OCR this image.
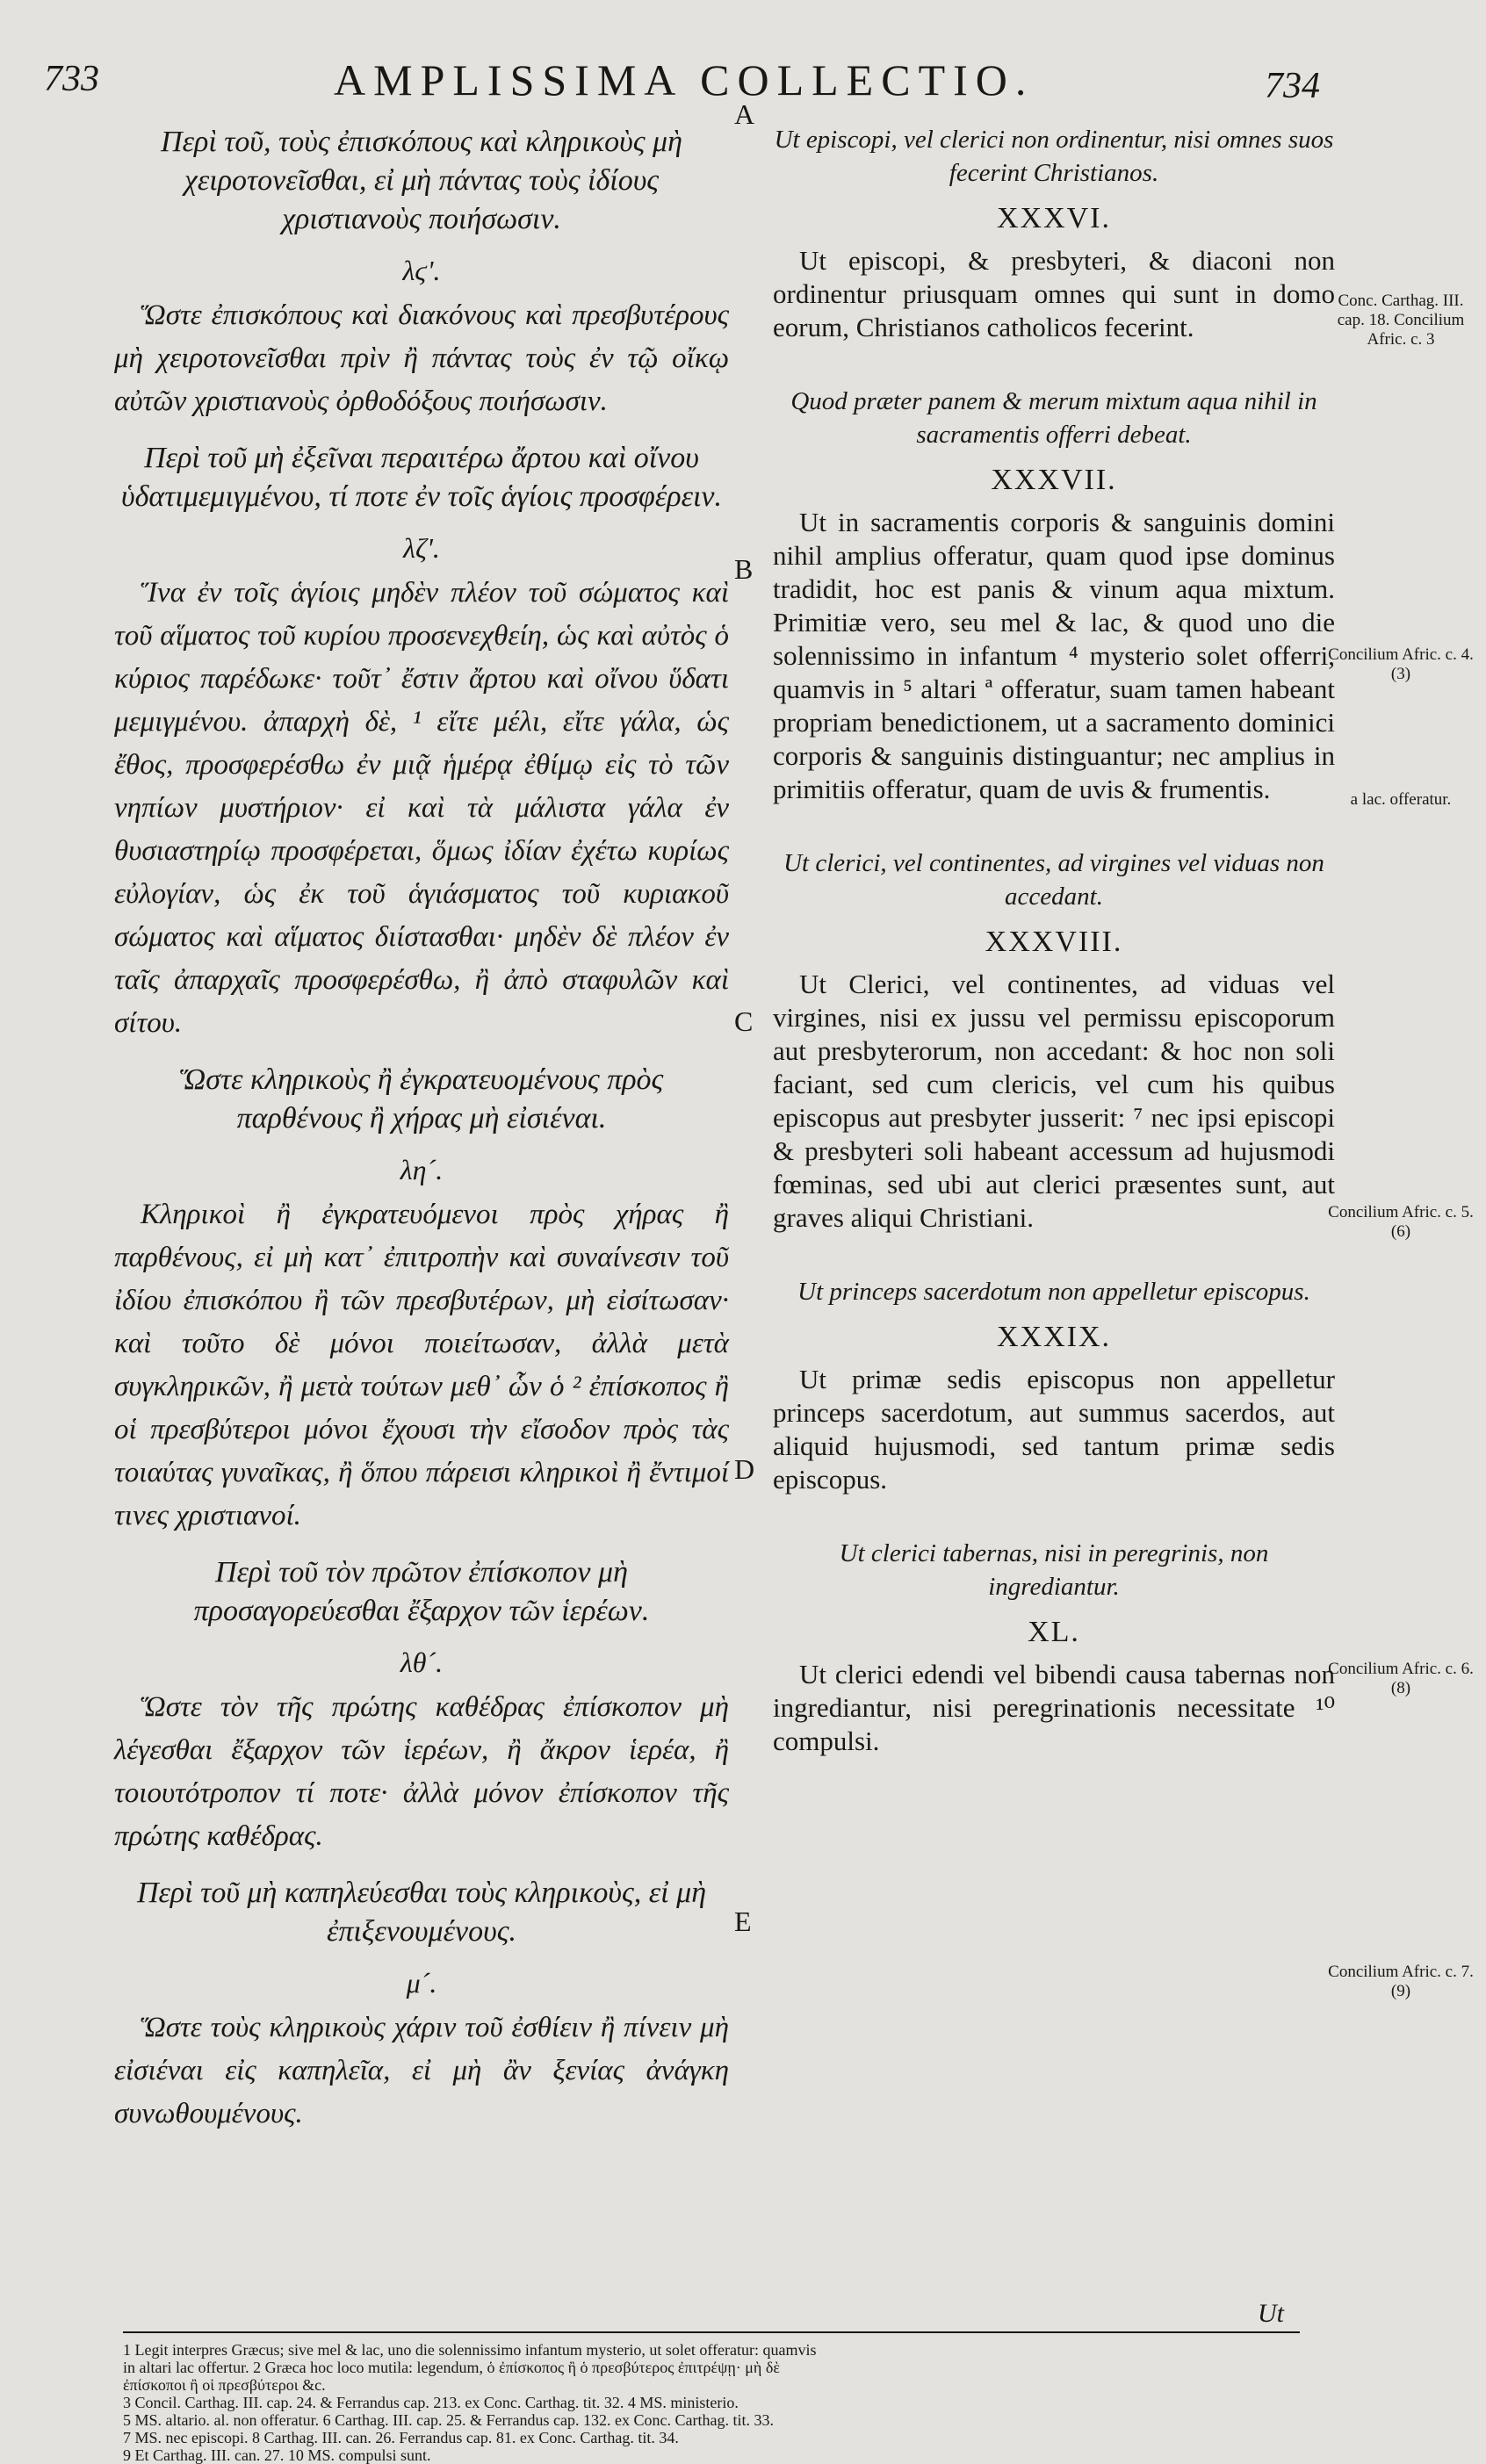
733	AMPLISSIMA COLLECTIO.	734
A
B
C
D
E

Περὶ τοῦ, τοὺς ἐπισκόπους καὶ κληρικοὺς μὴ χειροτονεῖσθαι, εἰ μὴ πάντας τοὺς ἰδίους χριστιανοὺς ποιήσωσιν.

λϛʹ.

Ὥστε ἐπισκόπους καὶ διακόνους καὶ πρεσβυτέρους μὴ χειροτονεῖσθαι πρὶν ἢ πάντας τοὺς ἐν τῷ οἴκῳ αὐτῶν χριστιανοὺς ὀρθοδόξους ποιήσωσιν.

Περὶ τοῦ μὴ ἐξεῖναι περαιτέρω ἄρτου καὶ οἴνου ὑδατιμεμιγμένου, τί ποτε ἐν τοῖς ἁγίοις προσφέρειν.

λζʹ.

Ἵνα ἐν τοῖς ἁγίοις μηδὲν πλέον τοῦ σώματος καὶ τοῦ αἵματος τοῦ κυρίου προσενεχθείη, ὡς καὶ αὐτὸς ὁ κύριος παρέδωκε· τοῦτ᾽ ἔστιν ἄρτου καὶ οἴνου ὕδατι μεμιγμένου. ἀπαρχὴ δὲ, ¹ εἴτε μέλι, εἴτε γάλα, ὡς ἔθος, προσφερέσθω ἐν μιᾷ ἡμέρᾳ ἐθίμῳ εἰς τὸ τῶν νηπίων μυστήριον· εἰ καὶ τὰ μάλιστα γάλα ἐν θυσιαστηρίῳ προσφέρεται, ὅμως ἰδίαν ἐχέτω κυρίως εὐλογίαν, ὡς ἐκ τοῦ ἁγιάσματος τοῦ κυριακοῦ σώματος καὶ αἵματος διίστασθαι· μηδὲν δὲ πλέον ἐν ταῖς ἀπαρχαῖς προσφερέσθω, ἢ ἀπὸ σταφυλῶν καὶ σίτου.

Ὥστε κληρικοὺς ἢ ἐγκρατευομένους πρὸς παρθένους ἢ χήρας μὴ εἰσιέναι.

λη´.

Κληρικοὶ ἢ ἐγκρατευόμενοι πρὸς χήρας ἢ παρθένους, εἰ μὴ κατ᾽ ἐπιτροπὴν καὶ συναίνεσιν τοῦ ἰδίου ἐπισκόπου ἢ τῶν πρεσβυτέρων, μὴ εἰσίτωσαν· καὶ τοῦτο δὲ μόνοι ποιείτωσαν, ἀλλὰ μετὰ συγκληρικῶν, ἢ μετὰ τούτων μεθ᾽ ὧν ὁ ² ἐπίσκοπος ἢ οἱ πρεσβύτεροι μόνοι ἔχουσι τὴν εἴσοδον πρὸς τὰς τοιαύτας γυναῖκας, ἢ ὅπου πάρεισι κληρικοὶ ἢ ἔντιμοί τινες χριστιανοί.

Περὶ τοῦ τὸν πρῶτον ἐπίσκοπον μὴ προσαγορεύεσθαι ἔξαρχον τῶν ἱερέων.

λθ´.

Ὥστε τὸν τῆς πρώτης καθέδρας ἐπίσκοπον μὴ λέγεσθαι ἔξαρχον τῶν ἱερέων, ἢ ἄκρον ἱερέα, ἢ τοιουτότροπον τί ποτε· ἀλλὰ μόνον ἐπίσκοπον τῆς πρώτης καθέδρας.

Περὶ τοῦ μὴ καπηλεύεσθαι τοὺς κληρικοὺς, εἰ μὴ ἐπιξενουμένους.

μ´.

Ὥστε τοὺς κληρικοὺς χάριν τοῦ ἐσθίειν ἢ πίνειν μὴ εἰσιέναι εἰς καπηλεῖα, εἰ μὴ ἂν ξενίας ἀνάγκη συνωθουμένους.

Ut episcopi, vel clerici non ordinentur, nisi omnes suos fecerint Christianos.

XXXVI.

Ut episcopi, & presbyteri, & diaconi non ordinentur priusquam omnes qui sunt in domo eorum, Christianos catholicos fecerint.

Quod præter panem & merum mixtum aqua nihil in sacramentis offerri debeat.

XXXVII.

Ut in sacramentis corporis & sanguinis domini nihil amplius offeratur, quam quod ipse dominus tradidit, hoc est panis & vinum aqua mixtum. Primitiæ vero, seu mel & lac, & quod uno die solennissimo in infantum ⁴ mysterio solet offerri, quamvis in ⁵ altari ª offeratur, suam tamen habeant propriam benedictionem, ut a sacramento dominici corporis & sanguinis distinguantur; nec amplius in primitiis offeratur, quam de uvis & frumentis.

Ut clerici, vel continentes, ad virgines vel viduas non accedant.

XXXVIII.

Ut Clerici, vel continentes, ad viduas vel virgines, nisi ex jussu vel permissu episcoporum aut presbyterorum, non accedant: & hoc non soli faciant, sed cum clericis, vel cum his quibus episcopus aut presbyter jusserit: ⁷ nec ipsi episcopi & presbyteri soli habeant accessum ad hujusmodi fœminas, sed ubi aut clerici præsentes sunt, aut graves aliqui Christiani.

Ut princeps sacerdotum non appelletur episcopus.

XXXIX.

Ut primæ sedis episcopus non appelletur princeps sacerdotum, aut summus sacerdos, aut aliquid hujusmodi, sed tantum primæ sedis episcopus.

Ut clerici tabernas, nisi in peregrinis, non ingrediantur.

XL.

Ut clerici edendi vel bibendi causa tabernas non ingrediantur, nisi peregrinationis necessitate ¹⁰ compulsi.

Conc. Carthag. III. cap. 18. Concilium Afric. c. 3
Concilium Afric. c. 4. (3)
a lac. offeratur.
Concilium Afric. c. 5. (6)
Concilium Afric. c. 6. (8)
Concilium Afric. c. 7. (9)
Ut
1 Legit interpres Græcus; sive mel & lac, uno die solennissimo infantum mysterio, ut solet offeratur: quamvis
in altari lac offertur. 2 Græca hoc loco mutila: legendum, ὁ ἐπίσκοπος ἢ ὁ πρεσβύτερος ἐπιτρέψῃ· μὴ δὲ
ἐπίσκοποι ἢ οἱ πρεσβύτεροι &c.
3 Concil. Carthag. III. cap. 24. & Ferrandus cap. 213. ex Conc. Carthag. tit. 32. 4 MS. ministerio.
5 MS. altario. al. non offeratur. 6 Carthag. III. cap. 25. & Ferrandus cap. 132. ex Conc. Carthag. tit. 33.
7 MS. nec episcopi. 8 Carthag. III. can. 26. Ferrandus cap. 81. ex Conc. Carthag. tit. 34.
9 Et Carthag. III. can. 27. 10 MS. compulsi sunt.
